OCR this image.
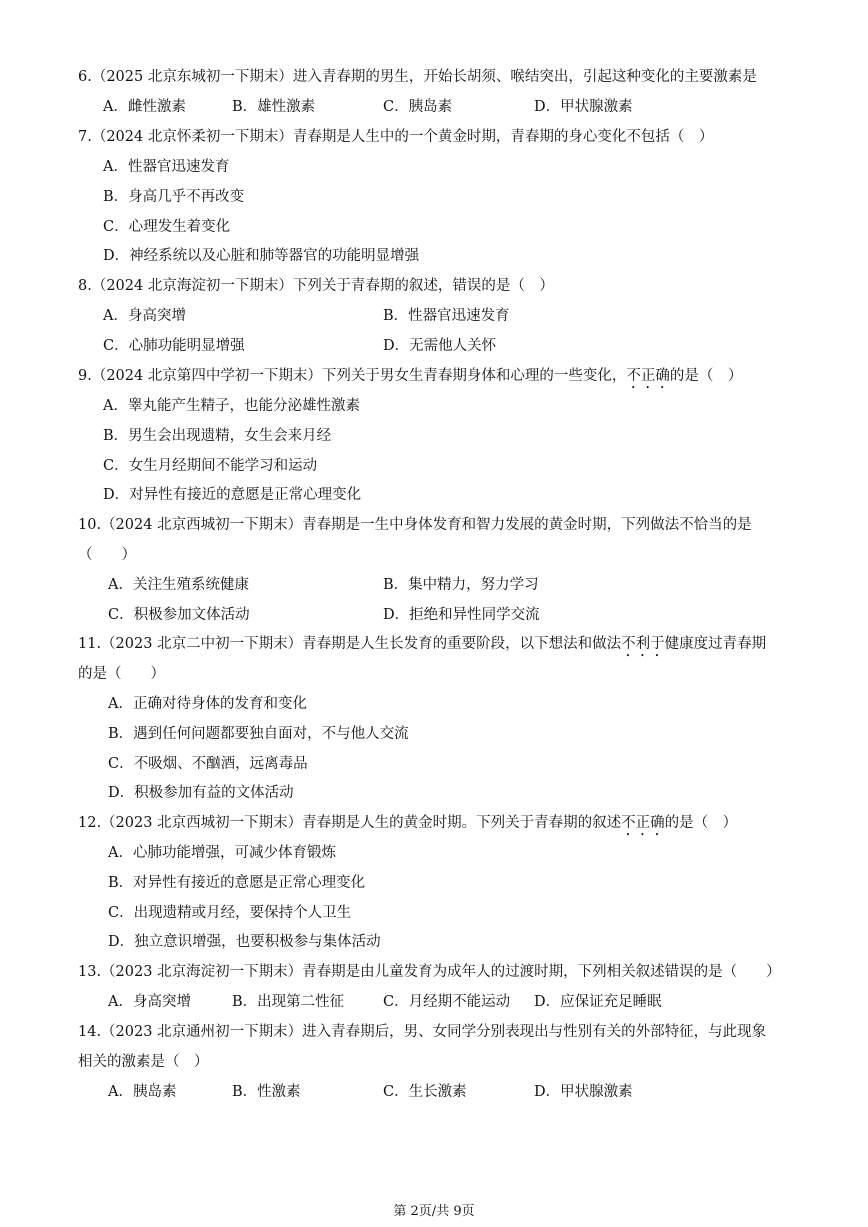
6.（2025 北京东城初一下期末）进入青春期的男生，开始长胡须、喉结突出，引起这种变化的主要激素是
A．雌性激素	B．雄性激素	C．胰岛素	D．甲状腺激素
7.（2024 北京怀柔初一下期末）青春期是人生中的一个黄金时期，青春期的身心变化不包括（　）
A．性器官迅速发育
B．身高几乎不再改变
C．心理发生着变化
D．神经系统以及心脏和肺等器官的功能明显增强
8.（2024 北京海淀初一下期末）下列关于青春期的叙述，错误的是（　）
A．身高突增	B．性器官迅速发育
C．心肺功能明显增强	D．无需他人关怀
9.（2024 北京第四中学初一下期末）下列关于男女生青春期身体和心理的一些变化，不正确的是（　）
A．睾丸能产生精子，也能分泌雄性激素
B．男生会出现遗精，女生会来月经
C．女生月经期间不能学习和运动
D．对异性有接近的意愿是正常心理变化
10.（2024 北京西城初一下期末）青春期是一生中身体发育和智力发展的黄金时期，下列做法不恰当的是
（　　）
A．关注生殖系统健康	B．集中精力，努力学习
C．积极参加文体活动	D．拒绝和异性同学交流
11.（2023 北京二中初一下期末）青春期是人生长发育的重要阶段，以下想法和做法不利于健康度过青春期
的是（　　）
A．正确对待身体的发育和变化
B．遇到任何问题都要独自面对，不与他人交流
C．不吸烟、不酗酒，远离毒品
D．积极参加有益的文体活动
12.（2023 北京西城初一下期末）青春期是人生的黄金时期。下列关于青春期的叙述不正确的是（　）
A．心肺功能增强，可减少体育锻炼
B．对异性有接近的意愿是正常心理变化
C．出现遗精或月经，要保持个人卫生
D．独立意识增强，也要积极参与集体活动
13.（2023 北京海淀初一下期末）青春期是由儿童发育为成年人的过渡时期，下列相关叙述错误的是（　　）
A．身高突增	B．出现第二性征	C．月经期不能运动 D．应保证充足睡眠
14.（2023 北京通州初一下期末）进入青春期后，男、女同学分别表现出与性别有关的外部特征，与此现象
相关的激素是（　）
A．胰岛素	B．性激素	C．生长激素	D．甲状腺激素
第 2页/共 9页
